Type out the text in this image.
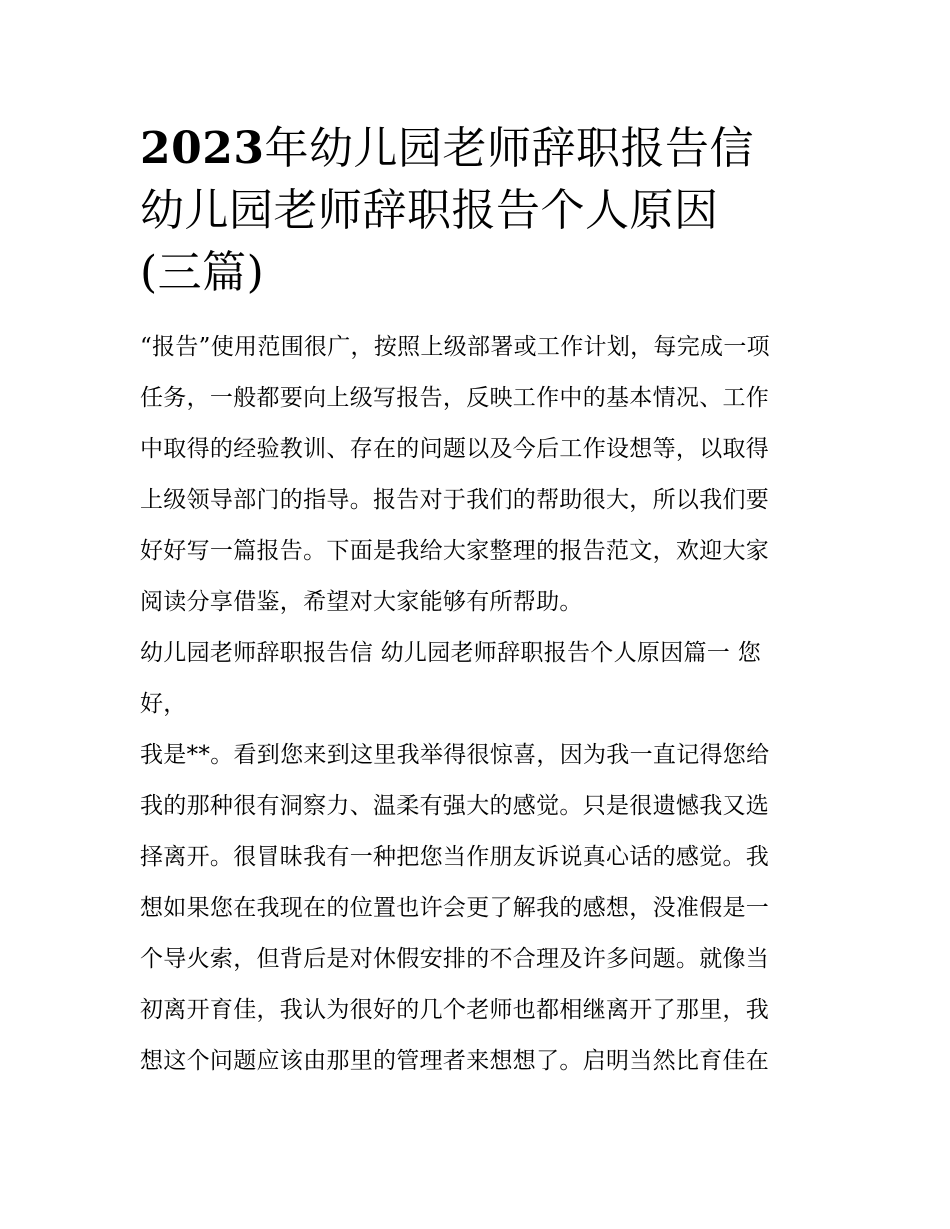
2023年幼儿园老师辞职报告信
幼儿园老师辞职报告个人原因
(三篇)

“报告”使用范围很广，按照上级部署或工作计划，每完成一项
任务，一般都要向上级写报告，反映工作中的基本情况、工作
中取得的经验教训、存在的问题以及今后工作设想等，以取得
上级领导部门的指导。报告对于我们的帮助很大，所以我们要
好好写一篇报告。下面是我给大家整理的报告范文，欢迎大家
阅读分享借鉴，希望对大家能够有所帮助。

幼儿园老师辞职报告信 幼儿园老师辞职报告个人原因篇一 您
好，

我是**。看到您来到这里我举得很惊喜，因为我一直记得您给
我的那种很有洞察力、温柔有强大的感觉。只是很遗憾我又选
择离开。很冒昧我有一种把您当作朋友诉说真心话的感觉。我
想如果您在我现在的位置也许会更了解我的感想，没准假是一
个导火索，但背后是对休假安排的不合理及许多问题。就像当
初离开育佳，我认为很好的几个老师也都相继离开了那里，我
想这个问题应该由那里的管理者来想想了。启明当然比育佳在
